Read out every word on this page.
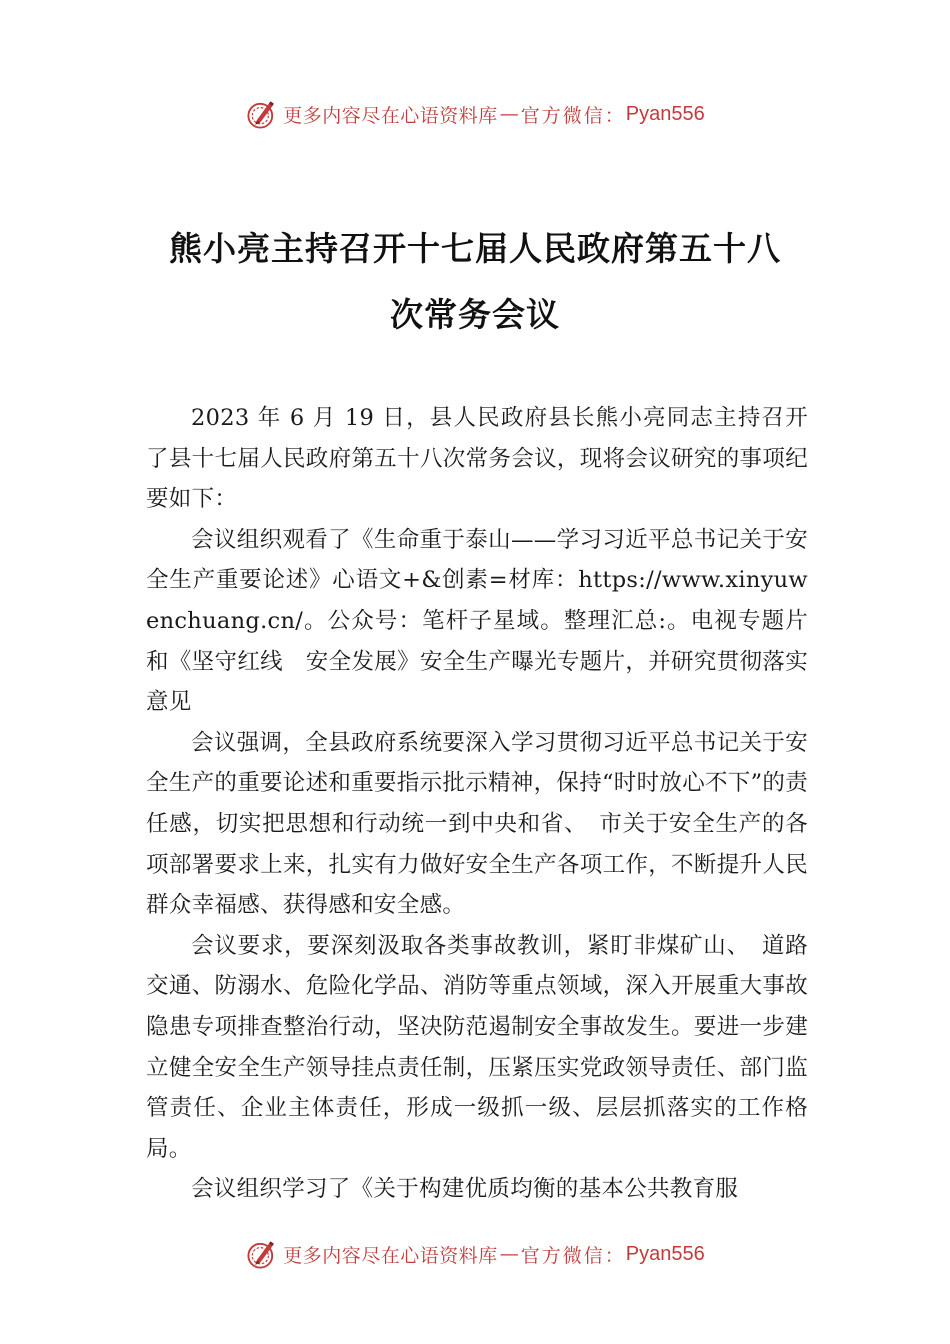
更多内容尽在心语资料库 — 官方微信： Pyan556
熊小亮主持召开十七届人民政府第五十八
次常务会议

2023 年 6 月 19 日，县人民政府县长熊小亮同志主持召开了县十七届人民政府第五十八次常务会议，现将会议研究的事项纪要如下：

会议组织观看了《生命重于泰山——学习习近平总书记关于安全生产重要论述》心语文+&创素=材库：https://www.xinyuwenchuang.cn/。公众号：笔杆子星域。整理汇总:。电视专题片和《坚守红线　安全发展》安全生产曝光专题片，并研究贯彻落实意见

会议强调，全县政府系统要深入学习贯彻习近平总书记关于安全生产的重要论述和重要指示批示精神，保持“时时放心不下”的责任感，切实把思想和行动统一到中央和省、　市关于安全生产的各项部署要求上来，扎实有力做好安全生产各项工作，不断提升人民群众幸福感、获得感和安全感。

会议要求，要深刻汲取各类事故教训，紧盯非煤矿山、　道路交通、防溺水、危险化学品、消防等重点领域，深入开展重大事故隐患专项排查整治行动，坚决防范遏制安全事故发生。要进一步建立健全安全生产领导挂点责任制，压紧压实党政领导责任、部门监管责任、企业主体责任，形成一级抓一级、层层抓落实的工作格局。

会议组织学习了《关于构建优质均衡的基本公共教育服

更多内容尽在心语资料库 — 官方微信： Pyan556
